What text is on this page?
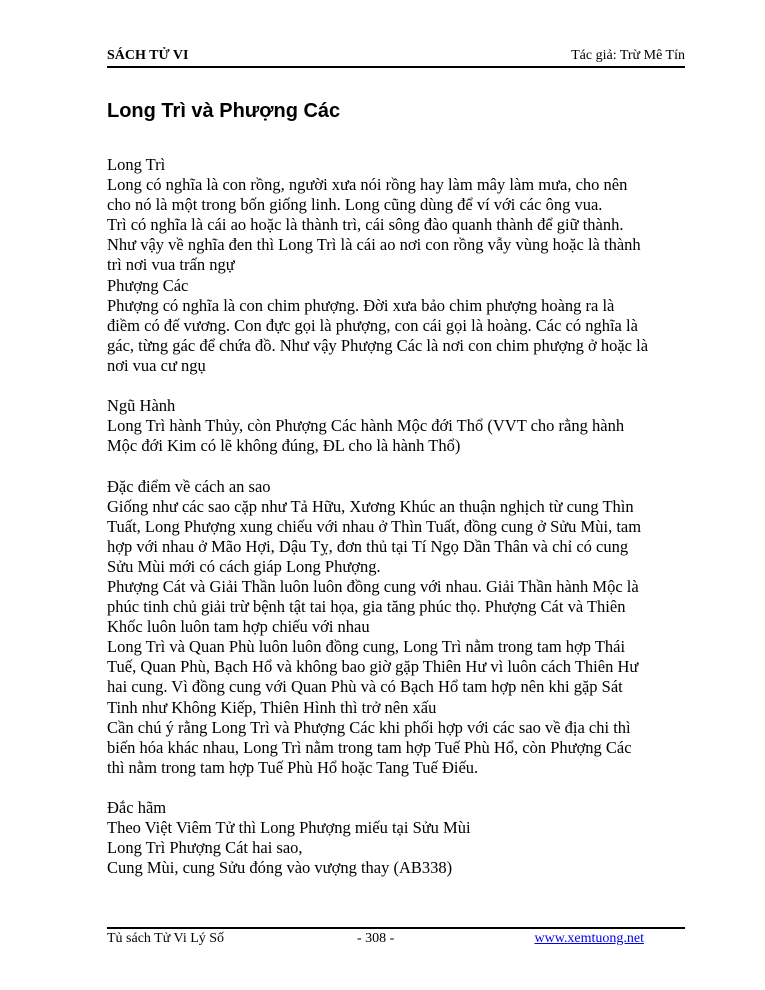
SÁCH TỬ VI	Tác giả: Trừ Mê Tín
Long Trì và Phượng Các
Long Trì
Long có nghĩa là con rồng, người xưa nói rồng hay làm mây làm mưa, cho nên
cho nó là một trong bốn giống linh. Long cũng dùng để ví với các ông vua.
Trì có nghĩa là cái ao hoặc là thành trì, cái sông đào quanh thành để giữ thành.
Như vậy về nghĩa đen thì Long Trì là cái ao nơi con rồng vẫy vùng hoặc là thành
trì nơi vua trấn ngự
Phượng Các
Phượng có nghĩa là con chim phượng. Đời xưa bảo chim phượng hoàng ra là
điềm có đế vương. Con đực gọi là phượng, con cái gọi là hoàng. Các có nghĩa là
gác, từng gác để chứa đồ. Như vậy Phượng Các là nơi con chim phượng ở hoặc là
nơi vua cư ngụ
Ngũ Hành
Long Trì hành Thủy, còn Phượng Các hành Mộc đới Thổ (VVT cho rằng hành
Mộc đới Kim có lẽ không đúng, ĐL cho là hành Thổ)
Đặc điểm về cách an sao
Giống như các sao cặp như Tả Hữu, Xương Khúc an thuận nghịch từ cung Thìn
Tuất, Long Phượng xung chiếu với nhau ở Thìn Tuất, đồng cung ở Sửu Mùi, tam
hợp với nhau ở Mão Hợi, Dậu Tỵ, đơn thủ tại Tí Ngọ Dần Thân và chỉ có cung
Sửu Mùi mới có cách giáp Long Phượng.
Phượng Cát và Giải Thần luôn luôn đồng cung với nhau. Giải Thần hành Mộc là
phúc tinh chủ giải trừ bệnh tật tai họa, gia tăng phúc thọ. Phượng Cát và Thiên
Khốc luôn luôn tam hợp chiếu với nhau
Long Trì và Quan Phù luôn luôn đồng cung, Long Trì nằm trong tam hợp Thái
Tuế, Quan Phù, Bạch Hổ và không bao giờ gặp Thiên Hư vì luôn cách Thiên Hư
hai cung. Vì đồng cung với Quan Phù và có Bạch Hổ tam hợp nên khi gặp Sát
Tinh như Không Kiếp, Thiên Hình thì trở nên xấu
Cần chú ý rằng Long Trì và Phượng Các khi phối hợp với các sao về địa chi thì
biến hóa khác nhau, Long Trì nằm trong tam hợp Tuế Phù Hổ, còn Phượng Các
thì nằm trong tam hợp Tuế Phù Hổ hoặc Tang Tuế Điếu.
Đắc hãm
Theo Việt Viêm Tử thì Long Phượng miếu tại Sửu Mùi
Long Trì Phượng Cát hai sao,
Cung Mùi, cung Sửu đóng vào vượng thay (AB338)
Tủ sách Tử Vi Lý Số	- 308 -	www.xemtuong.net
